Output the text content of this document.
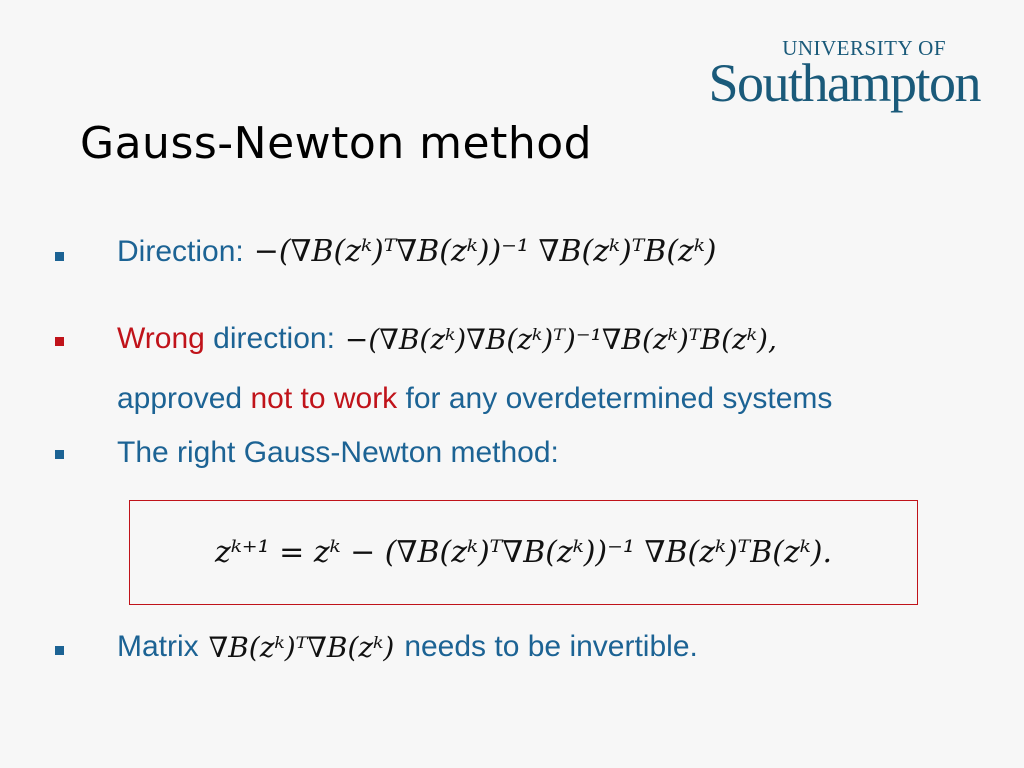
UNIVERSITY OF
Southampton
Gauss-Newton method
Direction: −(∇B(zᵏ)ᵀ∇B(zᵏ))⁻¹ ∇B(zᵏ)ᵀB(zᵏ)
Wrong
direction: −(∇B(zᵏ)∇B(zᵏ)ᵀ)⁻¹∇B(zᵏ)ᵀB(zᵏ),
approved
not to work
for any overdetermined systems
The right Gauss-Newton method:
zᵏ⁺¹ = zᵏ − (∇B(zᵏ)ᵀ∇B(zᵏ))⁻¹ ∇B(zᵏ)ᵀB(zᵏ).
Matrix ∇B(zᵏ)ᵀ∇B(zᵏ) needs to be invertible.
